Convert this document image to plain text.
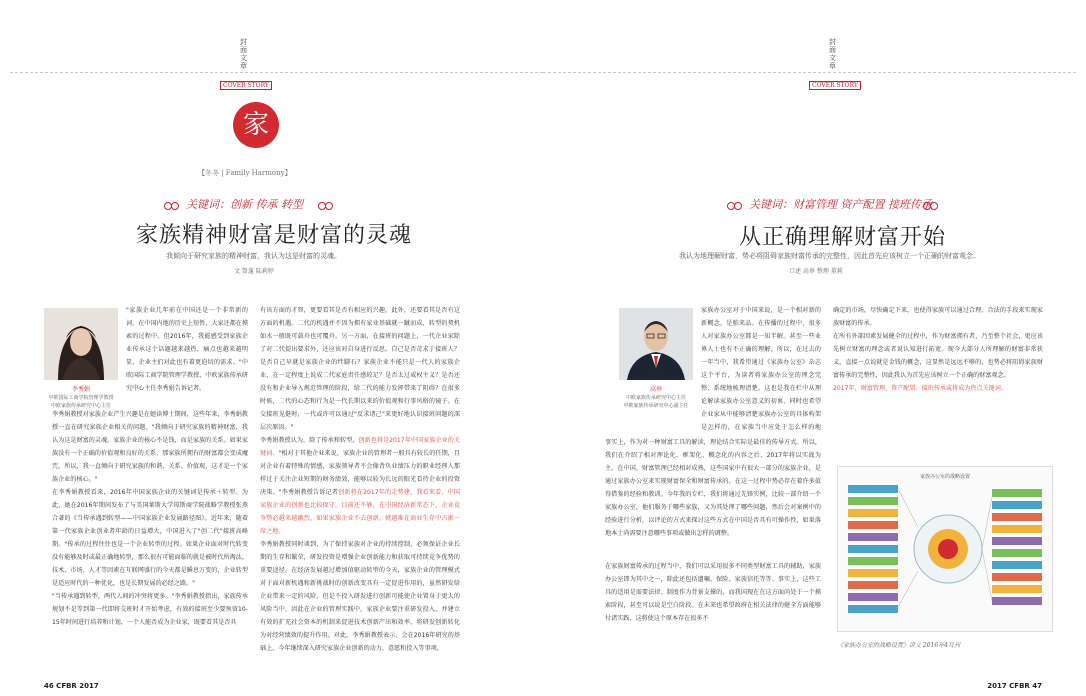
封面文章
COVER STORY
家
【冬冬 | Family Harmony】
关键词：创新 传承 转型
家族精神财富是财富的灵魂
我倾向于研究家族的精神财富，我认为这是财富的灵魂。
文 曾蓬 陆莉婷
李秀娟
中欧国际工商学院管理学教授
中欧家族传承研究中心主任
"家族企业几年前在中国还是一个非常新的词，在中国内地的历史上短暂，大家还都在摸索的过程中。但2016年，我能感受到家族企业传承这个话题越来越热，痛点也越来越明显，企业主们对此也有着更迫切的需求。"中欧国际工商学院管理学教授、中欧家族传承研究中心主任李秀娟告诉记者。
李秀娟教授对家族企业产生兴趣是在她读博士期间，这些年来，李秀娟教授一直在研究家族企业相关的问题。"我倾向于研究家族的精神财富，我认为这是财富的灵魂。家族企业的核心不是钱，而是家族的关系。如果家族没有一个正确的价值观和良好的关系，那家族所拥有的财富都会变成魔咒。所以，我一直倾向于研究家族的和谐、关系、价值观，这才是一个家族企业的核心。"
在李秀娟教授看来，2016年中国家族企业的关键词是传承＋转型。为此，她在2016年期间发布了与美国莱斯大学琼斯商学院战略学教授张燕合著的《当传承遇到转型——中国家族企业发展路径图》。近年来，随着第一代家族企业创业者年龄的日益增大，中国进入了"创二代"接班高峰期。"传承的过程往往也是一个企业转型的过程。如果企业面对时代转变没有能够及时或最正确地转型，那么很有可能面临的就是被时代所淘汰。技术、市场、人才等因素在互联网盛行的今天都是瞬息万变的，企业转型是适应时代的一种优化，也是长期发展的必经之路。"
"当传承遇到转型，两代人间的冲突将更多。"李秀娟教授指出，家族传承规划不是等到第一代即将交班时才开始考虑，有效的接班至少要预留10-15年时间进行培养和计划，一个人能否成为企业家，既要看其是否具
有该方面的才智，更要看其是否有相应的兴趣。此外，还要看其是否有这方面的机遇。二代的机遇并不因为拥有家业基础就一蹴而成，转型的契机如水一般既可载舟也可覆舟。另一方面，在接班的问题上，一代企业家除了对二代提出要求外，还应该对自身进行反思。自己是否苛求于接班人？是否自己早就是家族企业的绊脚石？家族企业不能只是一代人的家族企业，在一定程度上说成二代家庭责任感较足？是否太过威权主义？是否还没有和企业导入规范管理的阶段，给二代的能力发挥带来了阻碍？在很多时候，二代的心态和行为是一代长期以来的价值观和行事风格的镜子。在交接班见挺时，一代或许可以通过"反求诸己"来更好地认识接班问题的深层次原因。"
李秀娟教授认为，除了传承和转型，创新也将是2017年中国家族企业的关键词。"相对于其他企业来说，家族企业的管理者一般具有较长的任期，且对企业有着特殊的情感，家族领导者不会像背负业绩压力的职业经理人那样过于关注企业短期的财务绩效，能够以较为长远的眼光看待企业的投资决策。"李秀娟教授告诉记者创新将在2017年的走势建，我看来看，中国家族企业的创新也比较保守，目前还不够，在中国经济新常态下，企业竞争势必越来越激烈，如果家族企业不去创新，就越难在商业生存中占据一席之地。
李秀娟教授同时谈到，为了保持家族对企业的持续控制，必须保证企业长期的生存和繁荣，研发投资是增强企业创新能力和获取可持续竞争优势的重要途径。在经济发展越过增加值驱动转型的今天，家族企业的管理模式对于面对新机遇和新挑战时的创新改变具有一定促进作用的，虽然研发给企业带来一定的风险，但是不投入研发进行创新可能使企业置身于更大的风险当中，因此在企业的管理实践中，家族企业要注重研发投入，并建立有效的扩充社会资本的机制来促进技术创新产出和效率，将研发创新转化为对经营绩效的提升作用。对此，李秀娟教授表示，会在2016年研究的基础上，今年继续深入研究家族企业创新的动力、意愿和投入等事项。
46 CFBR 2017
封面文章
COVER STORY
关键词：财富管理 资产配置 接班传承
从正确理解财富开始
我认为地理解财富，势必将阻碍家族财富传承的完整性，因此首先应该树立一个正确的财富观念。
口述 高皋 整理 董莉
高皋
中欧家族传承研究中心主任
中欧家族传承研究中心副主任
家族办公室对于中国来说，是一个相对新的新概念，是舶来品。在传播的过程中，很多人对家族办公室都是一知半解。甚至一些业界人士也有不正确的理解。所以，在过去的一年当中，我希望通过《家族办公室》杂志这个平台，为读者将家族办公室的理念完整、系统地梳理清楚。这也是我在栏中从理论解读家族办公室意义的初衷，同时也希望企业家从中能够清楚家族办公室的具体构架是怎样的，在家族当中应处于怎么样的地
事实上，作为对一种财富工具的解读，理论结合实际是最佳的传导方式。所以，我们在介绍了相对理论化、框架化、概念化的内容之后，2017年将以实战为主。在中国，财富管理已经相对成熟，这些国家中有很大一部分的家族企业，是通过家族办公室来实现财富保全和财富传承的。在这一过程中势必存在着许多值得借鉴的经验和教训。今年我的专栏，我们将通过先锋实例，比较一部介绍一个家族办公室，他们服务于哪些家族，又为其处理了哪些问题，然后会对案例中的经验进行分析，以评论的方式来探讨这些方式在中国是否具有可操作性，如果落地本土尚需要注意哪些事项或做出怎样的调整。
在家族财富传承的过程当中，我们可以采用很多不同类型财富工具的辅助，家族办公室即为其中之一，除此还包括遗嘱、保险、家族信托等等。事实上，这些工具的适用是需要法律、制度作为背景支撑的，而我国现在在这方面尚处于一个摸索阶段，甚至可以说是空白阶段。在未来也希望政府在相关法律的健全方面能够付诸实践，这将使这个原本存在很多不
确定的市场，尽快确定下来，也使得家族可以通过合理、合法的手段来实现家族财富的传承。
在所有外部因素发展健全的过程中，作为财富拥有者，乃至整个社会，更应该先树立财富的理念或者说认知进行拓宽。现今大部分人所理解的财富非常狭义，直接一点说就是金钱的概念，这显然是远远不够的，也势必将阻碍家族财富传承的完整性，因此我认为首先应该树立一个正确的财富观念。
2017年，财富管理、资产配置、接班传承或将成为热点关键词。
家族办公室的战略设置
《家族办公室的战略设置》讲义 2016年4月刊
2017 CFBR 47
